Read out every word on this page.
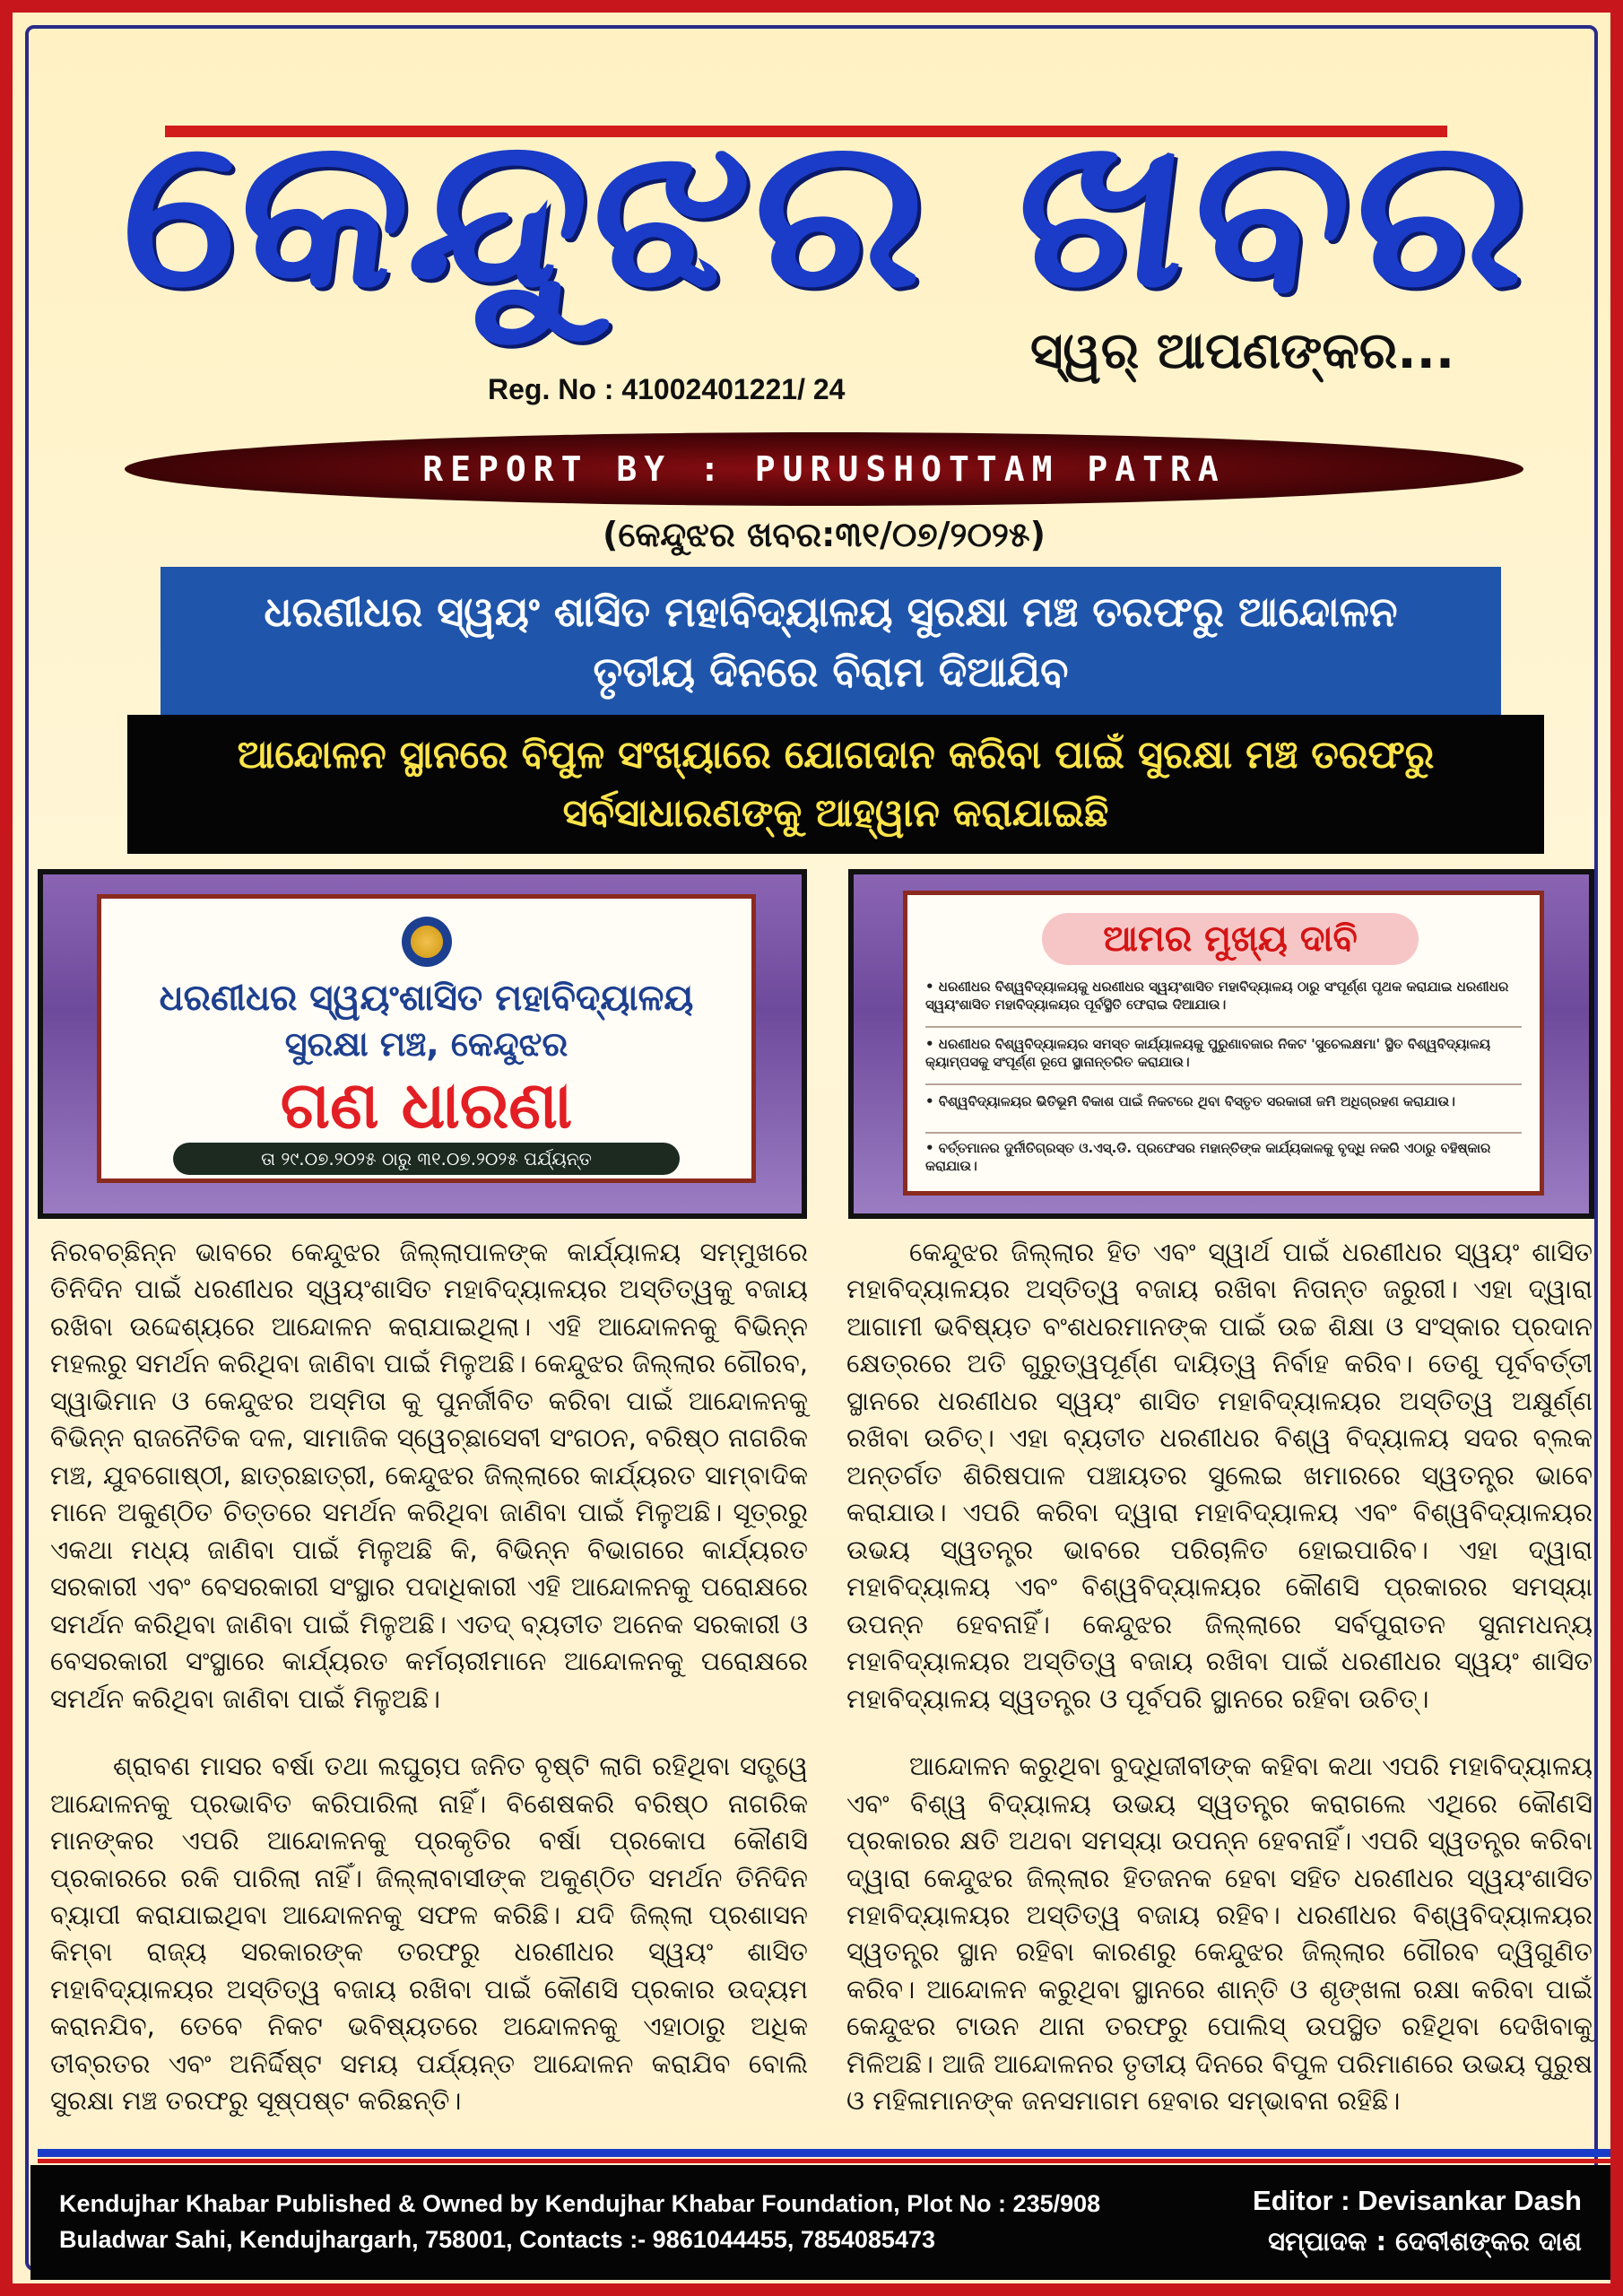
କେନ୍ଦୁଝର ଖବର
ସ୍ୱର୍ ଆପଣଙ୍କର...
Reg. No : 41002401221/ 24
REPORT BY : PURUSHOTTAM PATRA
(କେନ୍ଦୁଝର ଖବର:୩୧/୦୭/୨୦୨୫)
ଧରଣୀଧର ସ୍ୱୟଂ ଶାସିତ ମହାବିଦ୍ୟାଳୟ ସୁରକ୍ଷା ମଞ୍ଚ ତରଫରୁ ଆନ୍ଦୋଳନ
ତୃତୀୟ ଦିନରେ ବିରାମ ଦିଆଯିବ
ଆନ୍ଦୋଳନ ସ୍ଥାନରେ ବିପୁଳ ସଂଖ୍ୟାରେ ଯୋଗଦାନ କରିବା ପାଇଁ ସୁରକ୍ଷା ମଞ୍ଚ ତରଫରୁ
ସର୍ବସାଧାରଣଙ୍କୁ ଆହ୍ୱାନ କରାଯାଇଛି
ଧରଣୀଧର ସ୍ୱୟଂଶାସିତ ମହାବିଦ୍ୟାଳୟ
ସୁରକ୍ଷା ମଞ୍ଚ, କେନ୍ଦୁଝର
ଗଣ ଧାରଣା
ତା ୨୯.୦୭.୨୦୨୫ ଠାରୁ ୩୧.୦୭.୨୦୨୫ ପର୍ଯ୍ୟନ୍ତ
ଆମର ମୁଖ୍ୟ ଦାବି
• ଧରଣୀଧର ବିଶ୍ୱବିଦ୍ୟାଳୟକୁ ଧରଣୀଧର ସ୍ୱୟଂଶାସିତ ମହାବିଦ୍ୟାଳୟ ଠାରୁ ସଂପୂର୍ଣ୍ଣ ପୃଥକ କରାଯାଇ ଧରଣୀଧର ସ୍ୱୟଂଶାସିତ ମହାବିଦ୍ୟାଳୟର ପୂର୍ବସ୍ଥିତି ଫେରାଇ ଦିଆଯାଉ।
• ଧରଣୀଧର ବିଶ୍ୱବିଦ୍ୟାଳୟର ସମସ୍ତ କାର୍ଯ୍ୟାଳୟକୁ ପୁରୁଣାବଜାର ନିକଟ 'ସୁଚେଲକ୍ଷମା' ସ୍ଥିତ ବିଶ୍ୱବିଦ୍ୟାଳୟ କ୍ୟାମ୍ପସକୁ ସଂପୂର୍ଣ୍ଣ ରୂପେ ସ୍ଥାନାନ୍ତରିତ କରାଯାଉ।
• ବିଶ୍ୱବିଦ୍ୟାଳୟର ଭିତିଭୂମି ବିକାଶ ପାଇଁ ନିକଟରେ ଥିବା ବିସ୍ତୃତ ସରକାରୀ ଜମି ଅଧିଗ୍ରହଣ କରାଯାଉ।
• ବର୍ତ୍ତମାନର ଦୁର୍ନୀତିଗ୍ରସ୍ତ ଓ.ଏସ୍.ଡି. ପ୍ରଫେସର ମହାନ୍ତିଙ୍କ କାର୍ଯ୍ୟକାଳକୁ ବୃଦ୍ଧି ନକରି ଏଠାରୁ ବହିଷ୍କାର କରାଯାଉ।

ନିରବଚ୍ଛିନ୍ନ ଭାବରେ କେନ୍ଦୁଝର ଜିଲ୍ଲାପାଳଙ୍କ କାର୍ଯ୍ୟାଳୟ ସମ୍ମୁଖରେ ତିନିଦିନ ପାଇଁ ଧରଣୀଧର ସ୍ୱୟଂଶାସିତ ମହାବିଦ୍ୟାଳୟର ଅସ୍ତିତ୍ୱକୁ ବଜାୟ ରଖିବା ଉଦ୍ଦେଶ୍ୟରେ ଆନ୍ଦୋଳନ କରାଯାଇଥିଲା। ଏହି ଆନ୍ଦୋଳନକୁ ବିଭିନ୍ନ ମହଲରୁ ସମର୍ଥନ କରିଥିବା ଜାଣିବା ପାଇଁ ମିଳୁଅଛି। କେନ୍ଦୁଝର ଜିଲ୍ଲାର ଗୌରବ, ସ୍ୱାଭିମାନ ଓ କେନ୍ଦୁଝର ଅସ୍ମିତା କୁ ପୁନର୍ଜୀବିତ କରିବା ପାଇଁ ଆନ୍ଦୋଳନକୁ ବିଭିନ୍ନ ରାଜନୈତିକ ଦଳ, ସାମାଜିକ ସ୍ୱେଚ୍ଛାସେବୀ ସଂଗଠନ, ବରିଷ୍ଠ ନାଗରିକ ମଞ୍ଚ, ଯୁବଗୋଷ୍ଠୀ, ଛାତ୍ରଛାତ୍ରୀ, କେନ୍ଦୁଝର ଜିଲ୍ଲାରେ କାର୍ଯ୍ୟରତ ସାମ୍ବାଦିକ ମାନେ ଅକୁଣ୍ଠିତ ଚିତ୍ତରେ ସମର୍ଥନ କରିଥିବା ଜାଣିବା ପାଇଁ ମିଳୁଅଛି। ସୂତ୍ରରୁ ଏକଥା ମଧ୍ୟ ଜାଣିବା ପାଇଁ ମିଳୁଅଛି କି, ବିଭିନ୍ନ ବିଭାଗରେ କାର୍ଯ୍ୟରତ ସରକାରୀ ଏବଂ ବେସରକାରୀ ସଂସ୍ଥାର ପଦାଧିକାରୀ ଏହି ଆନ୍ଦୋଳନକୁ ପରୋକ୍ଷରେ ସମର୍ଥନ କରିଥିବା ଜାଣିବା ପାଇଁ ମିଳୁଅଛି। ଏତଦ୍ ବ୍ୟତୀତ ଅନେକ ସରକାରୀ ଓ ବେସରକାରୀ ସଂସ୍ଥାରେ କାର୍ଯ୍ୟରତ କର୍ମଚାରୀମାନେ ଆନ୍ଦୋଳନକୁ ପରୋକ୍ଷରେ ସମର୍ଥନ କରିଥିବା ଜାଣିବା ପାଇଁ ମିଳୁଅଛି।

ଶ୍ରାବଣ ମାସର ବର୍ଷା ତଥା ଲଘୁଚାପ ଜନିତ ବୃଷ୍ଟି ଲାଗି ରହିଥିବା ସତ୍ତ୍ୱେ ଆନ୍ଦୋଳନକୁ ପ୍ରଭାବିତ କରିପାରିଲା ନାହିଁ। ବିଶେଷକରି ବରିଷ୍ଠ ନାଗରିକ ମାନଙ୍କର ଏପରି ଆନ୍ଦୋଳନକୁ ପ୍ରକୃତିର ବର୍ଷା ପ୍ରକୋପ କୌଣସି ପ୍ରକାରରେ ରକି ପାରିଲା ନାହିଁ। ଜିଲ୍ଲାବାସୀଙ୍କ ଅକୁଣ୍ଠିତ ସମର୍ଥନ ତିନିଦିନ ବ୍ୟାପୀ କରାଯାଇଥିବା ଆନ୍ଦୋଳନକୁ ସଫଳ କରିଛି। ଯଦି ଜିଲ୍ଲା ପ୍ରଶାସନ କିମ୍ବା ରାଜ୍ୟ ସରକାରଙ୍କ ତରଫରୁ ଧରଣୀଧର ସ୍ୱୟଂ ଶାସିତ ମହାବିଦ୍ୟାଳୟର ଅସ୍ତିତ୍ୱ ବଜାୟ ରଖିବା ପାଇଁ କୌଣସି ପ୍ରକାର ଉଦ୍ୟମ କରାନଯିବ, ତେବେ ନିକଟ ଭବିଷ୍ୟତରେ ଅନ୍ଦୋଳନକୁ ଏହାଠାରୁ ଅଧିକ ତୀବ୍ରତର ଏବଂ ଅନିର୍ଦ୍ଦିଷ୍ଟ ସମୟ ପର୍ଯ୍ୟନ୍ତ ଆନ୍ଦୋଳନ କରାଯିବ ବୋଲି ସୁରକ୍ଷା ମଞ୍ଚ ତରଫରୁ ସୂଷ୍ପଷ୍ଟ କରିଛନ୍ତି।

କେନ୍ଦୁଝର ଜିଲ୍ଲାର ହିତ ଏବଂ ସ୍ୱାର୍ଥ ପାଇଁ ଧରଣୀଧର ସ୍ୱୟଂ ଶାସିତ ମହାବିଦ୍ୟାଳୟର ଅସ୍ତିତ୍ୱ ବଜାୟ ରଖିବା ନିତାନ୍ତ ଜରୁରୀ। ଏହା ଦ୍ୱାରା ଆଗାମୀ ଭବିଷ୍ୟତ ବଂଶଧରମାନଙ୍କ ପାଇଁ ଉଚ୍ଚ ଶିକ୍ଷା ଓ ସଂସ୍କାର ପ୍ରଦାନ କ୍ଷେତ୍ରରେ ଅତି ଗୁରୁତ୍ୱପୂର୍ଣ୍ଣ ଦାୟିତ୍ୱ ନିର୍ବାହ କରିବ। ତେଣୁ ପୂର୍ବବର୍ତ୍ତୀ ସ୍ଥାନରେ ଧରଣୀଧର ସ୍ୱୟଂ ଶାସିତ ମହାବିଦ୍ୟାଳୟର ଅସ୍ତିତ୍ୱ ଅକ୍ଷୁର୍ଣ୍ଣ ରଖିବା ଉଚିତ୍। ଏହା ବ୍ୟତୀତ ଧରଣୀଧର ବିଶ୍ୱ ବିଦ୍ୟାଳୟ ସଦର ବ୍ଲକ ଅନ୍ତର୍ଗତ ଶିରିଷପାଳ ପଞ୍ଚାୟତର ସୁଲେଇ ଖମାରରେ ସ୍ୱତନ୍ତ୍ର ଭାବେ କରାଯାଉ। ଏପରି କରିବା ଦ୍ୱାରା ମହାବିଦ୍ୟାଳୟ ଏବଂ ବିଶ୍ୱବିଦ୍ୟାଳୟର ଉଭୟ ସ୍ୱତନ୍ତ୍ର ଭାବରେ ପରିଚାଳିତ ହୋଇପାରିବ। ଏହା ଦ୍ୱାରା ମହାବିଦ୍ୟାଳୟ ଏବଂ ବିଶ୍ୱବିଦ୍ୟାଳୟର କୌଣସି ପ୍ରକାରର ସମସ୍ୟା ଉପନ୍ନ ହେବନାହିଁ। କେନ୍ଦୁଝର ଜିଲ୍ଲାରେ ସର୍ବପୁରାତନ ସୁନାମଧନ୍ୟ ମହାବିଦ୍ୟାଳୟର ଅସ୍ତିତ୍ୱ ବଜାୟ ରଖିବା ପାଇଁ ଧରଣୀଧର ସ୍ୱୟଂ ଶାସିତ ମହାବିଦ୍ୟାଳୟ ସ୍ୱତନ୍ତ୍ର ଓ ପୂର୍ବପରି ସ୍ଥାନରେ ରହିବା ଉଚିତ୍।

ଆନ୍ଦୋଳନ କରୁଥିବା ବୁଦ୍ଧିଜୀବୀଙ୍କ କହିବା କଥା ଏପରି ମହାବିଦ୍ୟାଳୟ ଏବଂ ବିଶ୍ୱ ବିଦ୍ୟାଳୟ ଉଭୟ ସ୍ୱତନ୍ତ୍ର କରାଗଲେ ଏଥିରେ କୌଣସି ପ୍ରକାରର କ୍ଷତି ଅଥବା ସମସ୍ୟା ଉପନ୍ନ ହେବନାହିଁ। ଏପରି ସ୍ୱତନ୍ତ୍ର କରିବା ଦ୍ୱାରା କେନ୍ଦୁଝର ଜିଲ୍ଲାର ହିତଜନକ ହେବା ସହିତ ଧରଣୀଧର ସ୍ୱୟଂଶାସିତ ମହାବିଦ୍ୟାଳୟର ଅସ୍ତିତ୍ୱ ବଜାୟ ରହିବ। ଧରଣୀଧର ବିଶ୍ୱବିଦ୍ୟାଳୟର ସ୍ୱତନ୍ତ୍ର ସ୍ଥାନ ରହିବା କାରଣରୁ କେନ୍ଦୁଝର ଜିଲ୍ଲାର ଗୌରବ ଦ୍ୱିଗୁଣିତ କରିବ। ଆନ୍ଦୋଳନ କରୁଥିବା ସ୍ଥାନରେ ଶାନ୍ତି ଓ ଶୃଙ୍ଖଳା ରକ୍ଷା କରିବା ପାଇଁ କେନ୍ଦୁଝର ଟାଉନ ଥାନା ତରଫରୁ ପୋଲିସ୍ ଉପସ୍ଥିତ ରହିଥିବା ଦେଖିବାକୁ ମିଳିଅଛି। ଆଜି ଆନ୍ଦୋଳନର ତୃତୀୟ ଦିନରେ ବିପୁଳ ପରିମାଣରେ ଉଭୟ ପୁରୁଷ ଓ ମହିଳାମାନଙ୍କ ଜନସମାଗମ ହେବାର ସମ୍ଭାବନା ରହିଛି।

Kendujhar Khabar Published & Owned by Kendujhar Khabar Foundation, Plot No : 235/908
Buladwar Sahi, Kendujhargarh, 758001, Contacts :- 9861044455, 7854085473
Editor : Devisankar Dash
ସମ୍ପାଦକ : ଦେବୀଶଙ୍କର ଦାଶ
